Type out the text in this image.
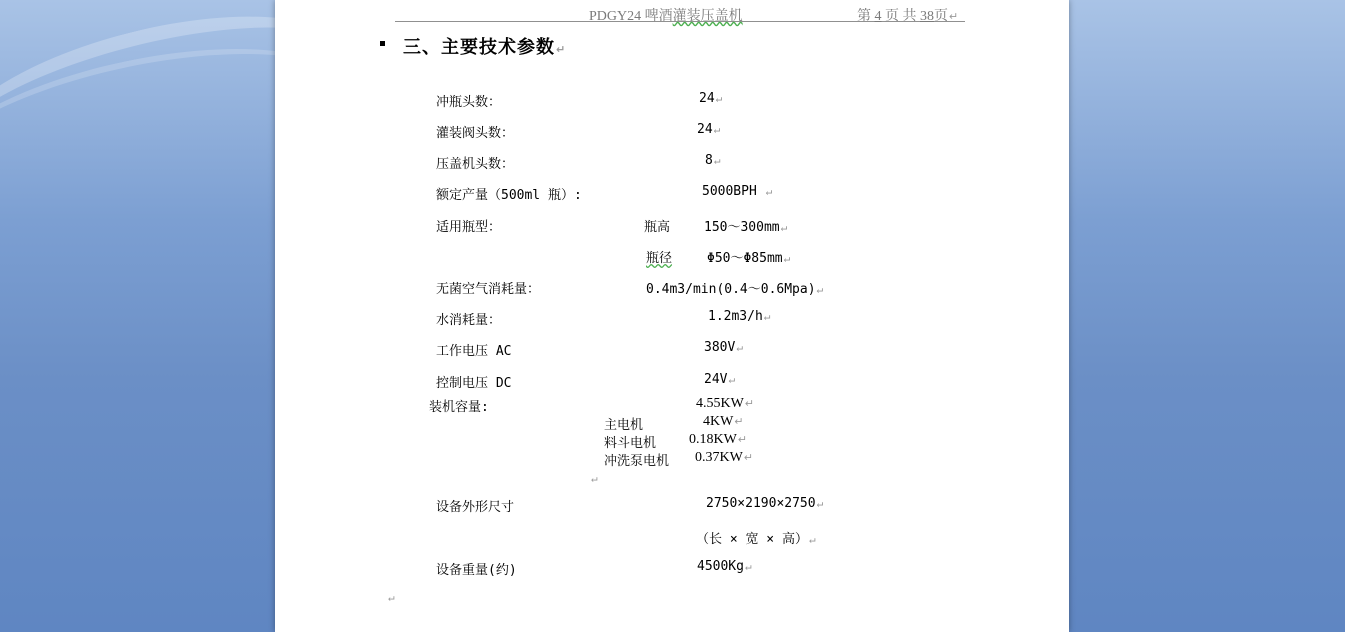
PDGY24 啤酒灌装压盖机	第 4 页 共 38页↵
三、主要技术参数↵
冲瓶头数：	24↵
灌装阀头数：	24↵
压盖机头数：	8↵
额定产量（500ml 瓶）:	5000BPH ↵
适用瓶型：	瓶高	150～300mm↵
瓶径	Φ50～Φ85mm↵
无菌空气消耗量：	0.4m3/min(0.4～0.6Mpa)↵
水消耗量：	1.2m3/h↵
工作电压 AC	380V↵
控制电压 DC	24V↵
装机容量:	4.55KW↵
主电机	4KW↵
料斗电机 0.18KW↵
冲洗泵电机 0.37KW↵
↵
设备外形尺寸	2750×2190×2750↵
（长 × 宽 × 高）↵
设备重量(约)	4500Kg↵
↵
